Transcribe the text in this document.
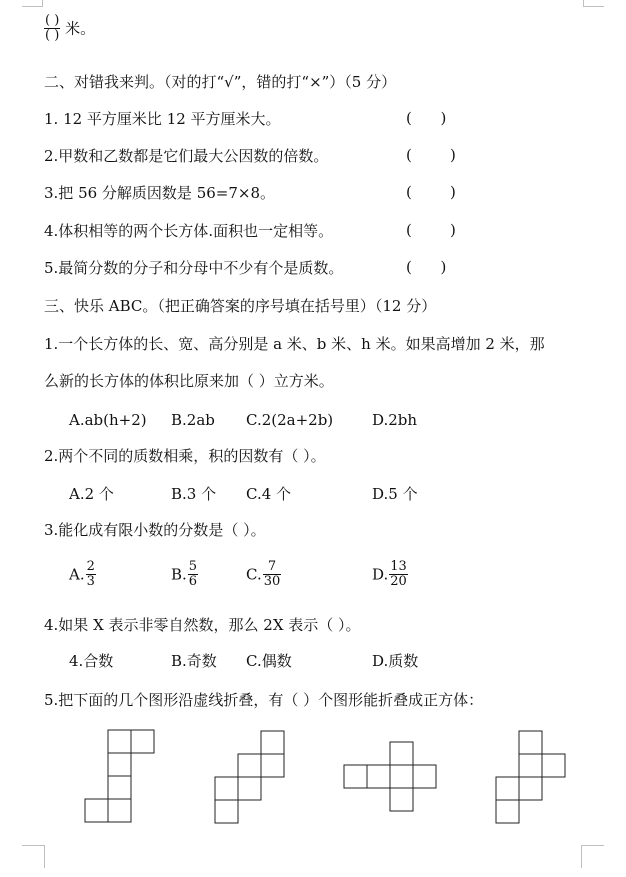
$\frac{( )}{( )}$ 米。
二、对错我来判。（对的打“√”，错的打“×”）（5 分）
1. 12 平方厘米比 12 平方厘米大。	(      )
2.甲数和乙数都是它们最大公因数的倍数。	(        )
3.把 56 分解质因数是 56=7×8。	(        )
4.体积相等的两个长方体.面积也一定相等。	(        )
5.最简分数的分子和分母中不少有个是质数。	(      )
三、快乐 ABC。（把正确答案的序号填在括号里）（12 分）
1.一个长方体的长、宽、高分别是 a 米、b 米、h 米。如果高增加 2 米，那
么新的长方体的体积比原来加（ ）立方米。
A.ab(h+2) B.2ab C.2(2a+2b)	D.2bh
2.两个不同的质数相乘，积的因数有（ ）。
A.2 个	B.3 个 C.4 个	D.5 个
3.能化成有限小数的分数是（ ）。
A. $\frac{2}{3}$	B. $\frac{5}{6}$	C. $\frac{7}{30}$	D. $\frac{13}{20}$
4.如果 X 表示非零自然数，那么 2X 表示（ ）。
4.合数	B.奇数 C.偶数	D.质数
5.把下面的几个图形沿虚线折叠，有（ ）个图形能折叠成正方体：
